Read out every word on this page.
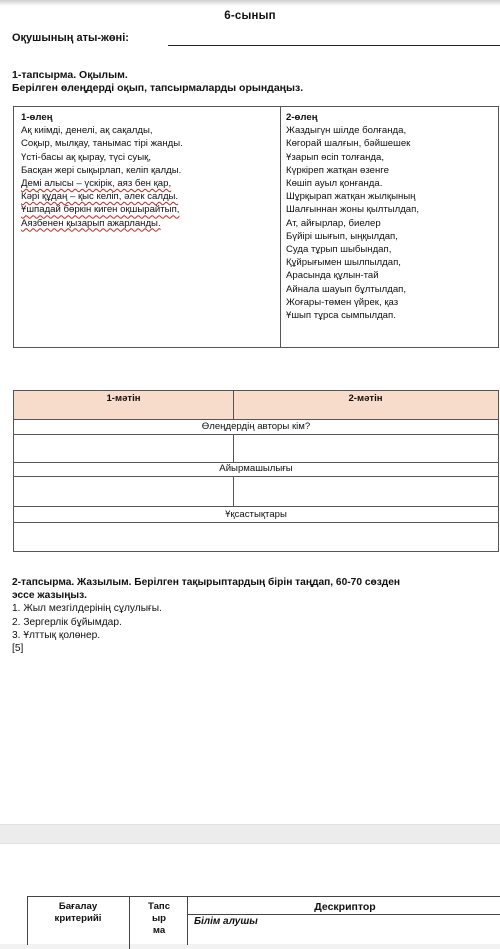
6-сынып
Оқушының аты-жөні:
1-тапсырма. Оқылым.
Берілген өлеңдерді оқып, тапсырмаларды орындаңыз.
1-өлең
Ақ киімді, денелі, ақ сақалды,
Соқыр, мылқау, танымас тірі жанды.
Үсті-басы ақ қырау, түсі суық,
Басқан жері сықырлап, келіп қалды.
Демі алысы – үскірік, аяз бен қар,
Кәрі құдаң – қыс келіп, әлек салды.
Ұшпадай бөркін киген оқшырайтып,
Аязбенен қызарып ажарланды.
2-өлең
Жаздыгүн шілде болғанда,
Көгорай шалғын, бәйшешек
Ұзарып өсіп толғанда,
Күркіреп жатқан өзенге
Көшіп ауыл қонғанда.
Шұрқырап жатқан жылқының
Шалғыннан жоны қылтылдап,
Ат, айғырлар, биелер
Бүйірі шығып, ыңқылдап,
Суда тұрып шыбындап,
Құйрығымен шылпылдап,
Арасында құлын-тай
Айнала шауып бұлтылдап,
Жоғары-төмен үйрек, қаз
Ұшып тұрса сымпылдап.
1-мәтін	2-мәтін
Өлеңдердің авторы кім?
Айырмашылығы
Ұқсастықтары
2-тапсырма. Жазылым. Берілген тақырыптардың бірін таңдап, 60-70 сөзден
эссе жазыңыз.
1. Жыл мезгілдерінің сұлулығы.
2. Зергерлік бұйымдар.
3. Ұлттық қолөнер.
[5]
Бағалау
критерийі
Тапс
ыр
ма
Дескриптор
Білім алушы
